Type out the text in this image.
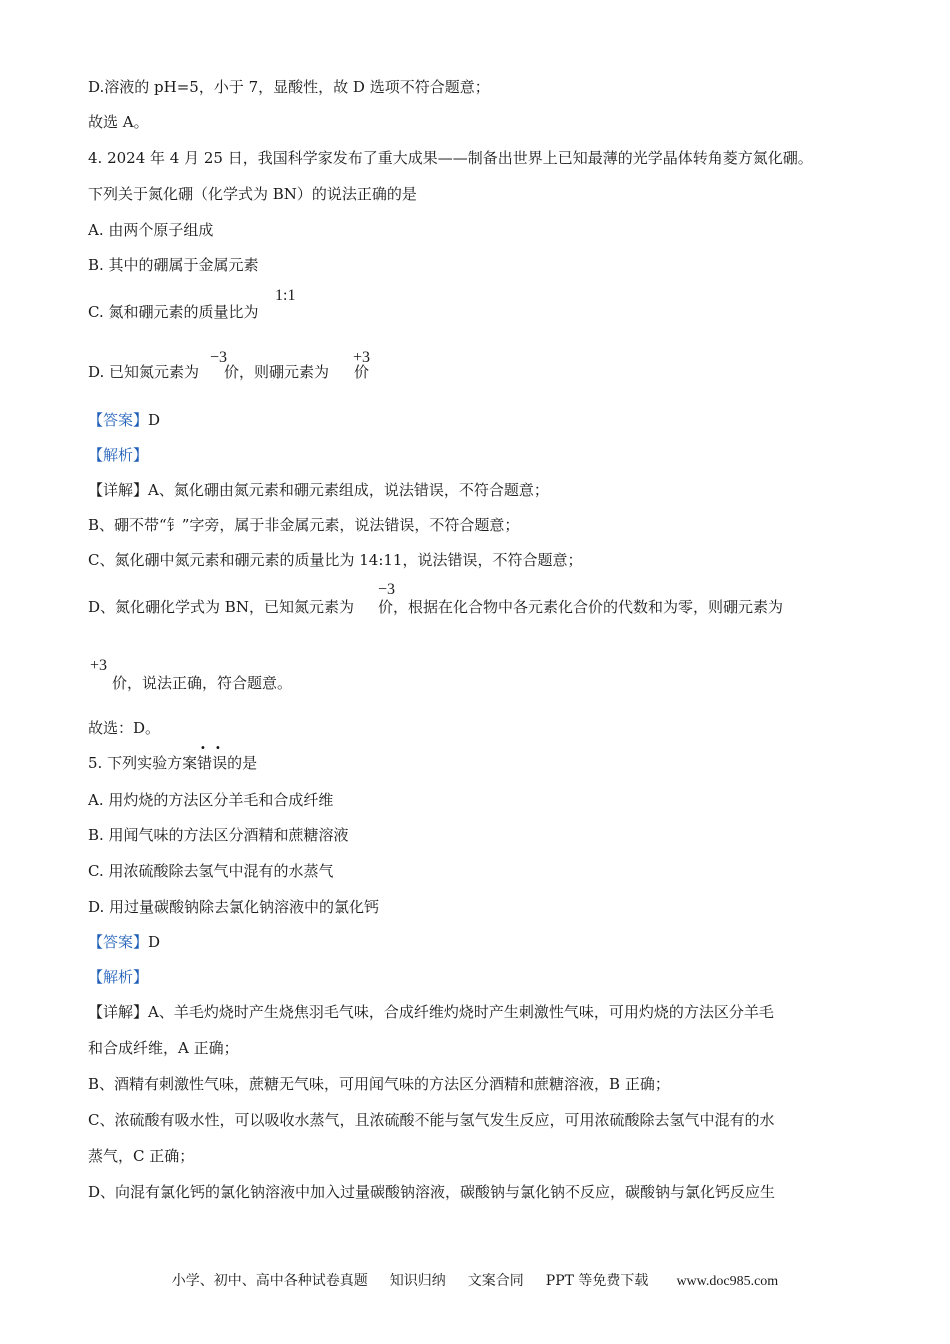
D.溶液的 pH=5，小于 7，显酸性，故 D 选项不符合题意；
故选 A。
4. 2024 年 4 月 25 日，我国科学家发布了重大成果——制备出世界上已知最薄的光学晶体转角菱方氮化硼。
下列关于氮化硼（化学式为 BN）的说法正确的是
A. 由两个原子组成
B. 其中的硼属于金属元素
C. 氮和硼元素的质量比为
1:1
D. 已知氮元素为 价，则硼元素为 价
−3	+3
【答案】D
【解析】
【详解】A、氮化硼由氮元素和硼元素组成，说法错误，不符合题意；
B、硼不带“钅”字旁，属于非金属元素，说法错误，不符合题意；
C、氮化硼中氮元素和硼元素的质量比为 14:11，说法错误，不符合题意；
D、氮化硼化学式为 BN，已知氮元素为 价，根据在化合物中各元素化合价的代数和为零，则硼元素为
−3
+3
价，说法正确，符合题意。
故选：D。
5. 下列实验方案错误的是
A. 用灼烧的方法区分羊毛和合成纤维
B. 用闻气味的方法区分酒精和蔗糖溶液
C. 用浓硫酸除去氢气中混有的水蒸气
D. 用过量碳酸钠除去氯化钠溶液中的氯化钙
【答案】D
【解析】
【详解】A、羊毛灼烧时产生烧焦羽毛气味，合成纤维灼烧时产生刺激性气味，可用灼烧的方法区分羊毛
和合成纤维，A 正确；
B、酒精有刺激性气味，蔗糖无气味，可用闻气味的方法区分酒精和蔗糖溶液，B 正确；
C、浓硫酸有吸水性，可以吸收水蒸气，且浓硫酸不能与氢气发生反应，可用浓硫酸除去氢气中混有的水
蒸气，C 正确；
D、向混有氯化钙的氯化钠溶液中加入过量碳酸钠溶液，碳酸钠与氯化钠不反应，碳酸钠与氯化钙反应生
小学、初中、高中各种试卷真题 知识归纳 文案合同 PPT 等免费下载 www.doc985.com
